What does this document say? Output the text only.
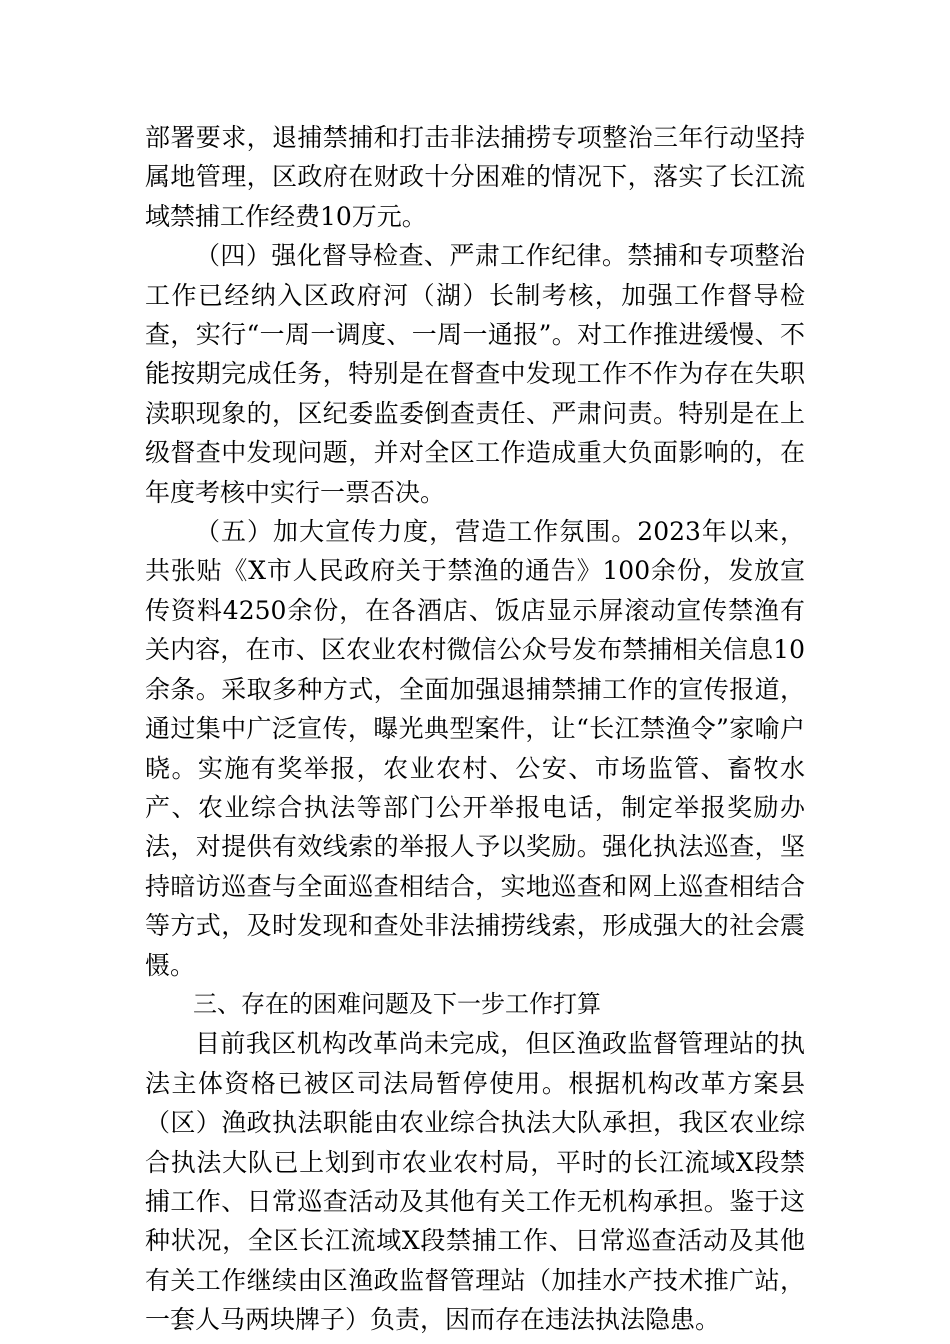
部署要求，退捕禁捕和打击非法捕捞专项整治三年行动坚持属地管理，区政府在财政十分困难的情况下，落实了长江流域禁捕工作经费10万元。

（四）强化督导检查、严肃工作纪律。禁捕和专项整治工作已经纳入区政府河（湖）长制考核，加强工作督导检查，实行“一周一调度、一周一通报”。对工作推进缓慢、不能按期完成任务，特别是在督查中发现工作不作为存在失职渎职现象的，区纪委监委倒查责任、严肃问责。特别是在上级督查中发现问题，并对全区工作造成重大负面影响的，在年度考核中实行一票否决。

（五）加大宣传力度，营造工作氛围。2023年以来，共张贴《X市人民政府关于禁渔的通告》100余份，发放宣传资料4250余份，在各酒店、饭店显示屏滚动宣传禁渔有关内容，在市、区农业农村微信公众号发布禁捕相关信息10余条。采取多种方式，全面加强退捕禁捕工作的宣传报道，通过集中广泛宣传，曝光典型案件，让“长江禁渔令”家喻户晓。实施有奖举报，农业农村、公安、市场监管、畜牧水产、农业综合执法等部门公开举报电话，制定举报奖励办法，对提供有效线索的举报人予以奖励。强化执法巡查，坚持暗访巡查与全面巡查相结合，实地巡查和网上巡查相结合等方式，及时发现和查处非法捕捞线索，形成强大的社会震慑。

三、存在的困难问题及下一步工作打算

目前我区机构改革尚未完成，但区渔政监督管理站的执法主体资格已被区司法局暂停使用。根据机构改革方案县（区）渔政执法职能由农业综合执法大队承担，我区农业综合执法大队已上划到市农业农村局，平时的长江流域X段禁捕工作、日常巡查活动及其他有关工作无机构承担。鉴于这种状况，全区长江流域X段禁捕工作、日常巡查活动及其他有关工作继续由区渔政监督管理站（加挂水产技术推广站，一套人马两块牌子）负责，因而存在违法执法隐患。
